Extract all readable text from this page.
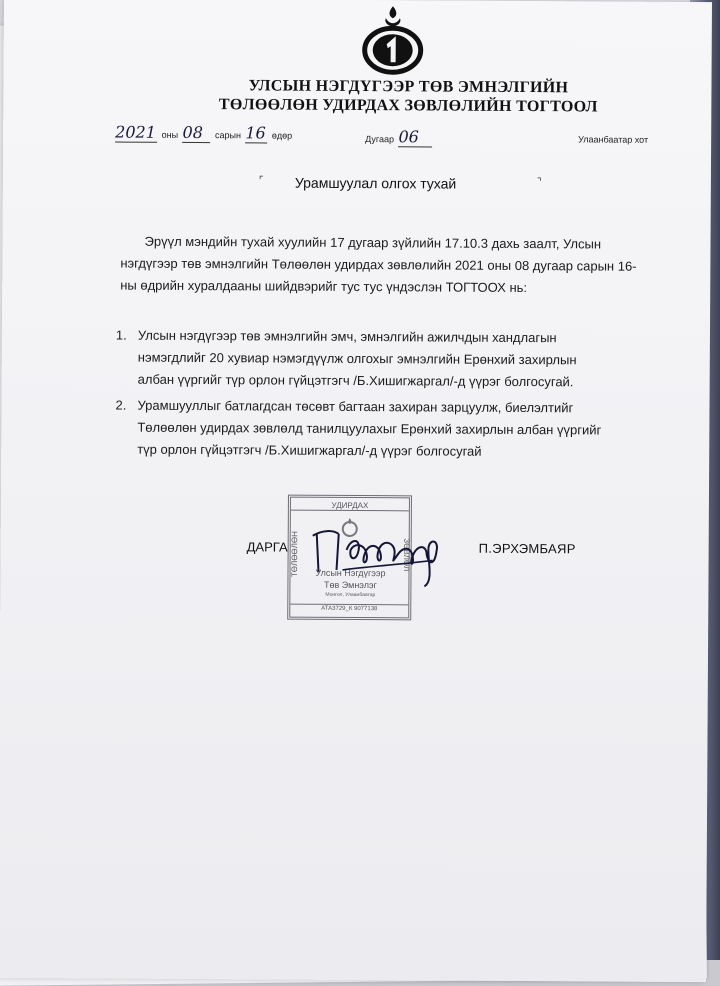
УЛСЫН НЭГДҮГЭЭР ТӨВ ЭМНЭЛГИЙН
ТӨЛӨӨЛӨН УДИРДАХ ЗӨВЛӨЛИЙН ТОГТООЛ
2021 оны 08 сарын 16 өдөр	Дугаар 06	Улаанбаатар хот
⌜ Урамшуулал олгох тухай	⌝
Эрүүл мэндийн тухай хуулийн 17 дугаар зүйлийн 17.10.3 дахь заалт, Улсын
нэгдүгээр төв эмнэлгийн Төлөөлөн удирдах зөвлөлийн 2021 оны 08 дугаар сарын 16-
ны өдрийн хуралдааны шийдвэрийг тус тус үндэслэн ТОГТООХ нь:
1. Улсын нэгдүгээр төв эмнэлгийн эмч, эмнэлгийн ажилчдын хандлагын
нэмэгдлийг 20 хувиар нэмэгдүүлж олгохыг эмнэлгийн Ерөнхий захирлын
албан үүргийг түр орлон гүйцэтгэгч /Б.Хишигжаргал/-д үүрэг болгосугай.
2. Урамшууллыг батлагдсан төсөвт багтаан захиран зарцуулж, биелэлтийг
Төлөөлөн удирдах зөвлөлд танилцуулахыг Ерөнхий захирлын албан үүргийг
түр орлон гүйцэтгэгч /Б.Хишигжаргал/-д үүрэг болгосугай
УДИРДАХ
ТӨЛӨӨЛӨН	ЗӨВЛӨЛ
Улсын Нэгдүгээр
Төв Эмнэлэг
Монгол, Улаанбаатар
АТА3729_К 9077138
ДАРГА	П.ЭРХЭМБАЯР
